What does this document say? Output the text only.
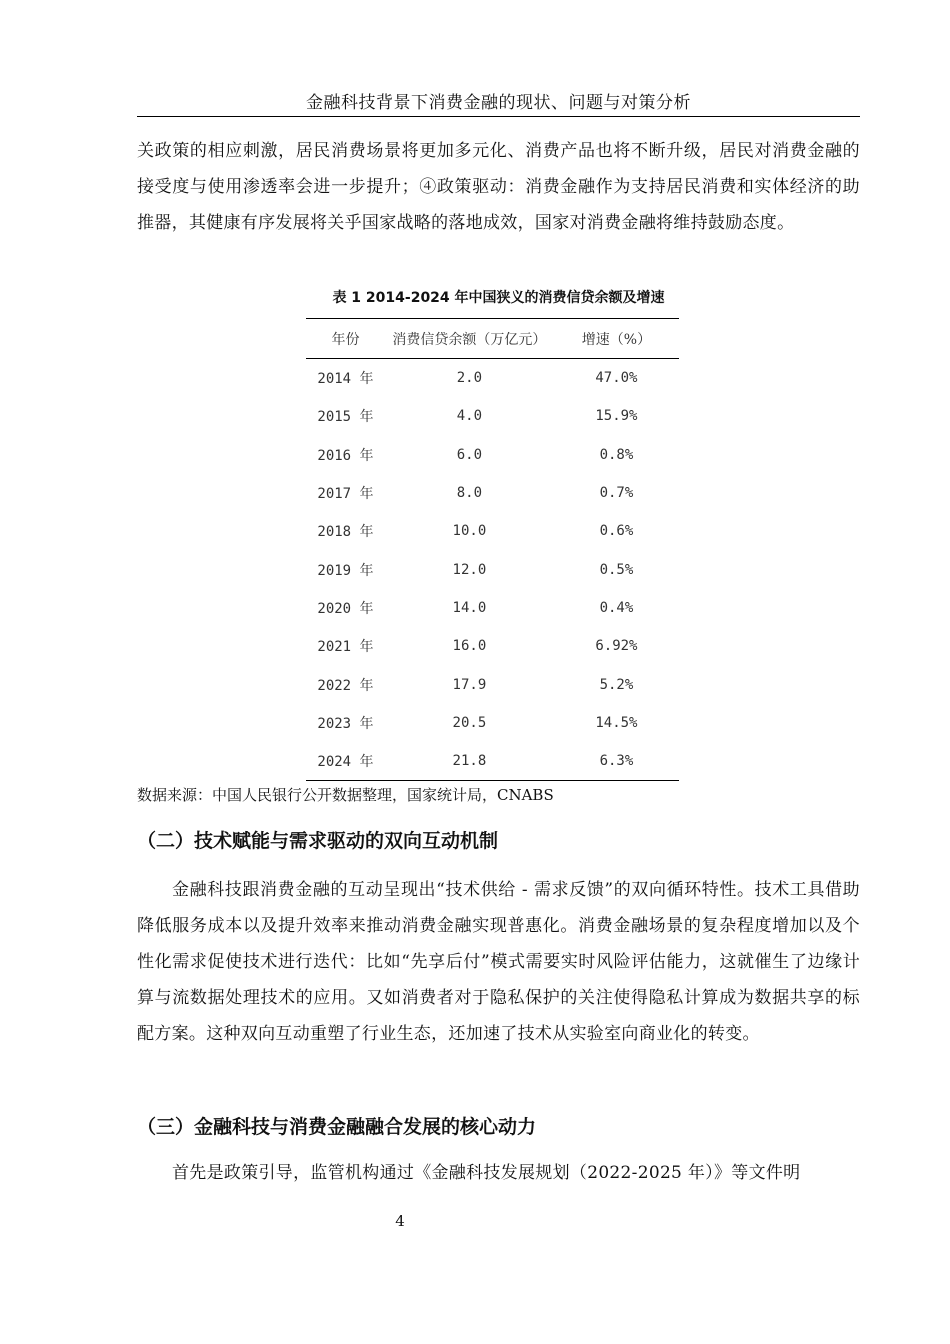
金融科技背景下消费金融的现状、问题与对策分析

关政策的相应刺激，居民消费场景将更加多元化、消费产品也将不断升级，居民对消费金融的接受度与使用渗透率会进一步提升；④政策驱动：消费金融作为支持居民消费和实体经济的助推器，其健康有序发展将关乎国家战略的落地成效，国家对消费金融将维持鼓励态度。

表 1 2014-2024 年中国狭义的消费信贷余额及增速
年份	消费信贷余额（万亿元）	增速（%）
2014 年	2.0	47.0%
2015 年	4.0	15.9%
2016 年	6.0	0.8%
2017 年	8.0	0.7%
2018 年	10.0	0.6%
2019 年	12.0	0.5%
2020 年	14.0	0.4%
2021 年	16.0	6.92%
2022 年	17.9	5.2%
2023 年	20.5	14.5%
2024 年	21.8	6.3%
数据来源：中国人民银行公开数据整理，国家统计局，CNABS
（二）技术赋能与需求驱动的双向互动机制

金融科技跟消费金融的互动呈现出“技术供给 - 需求反馈”的双向循环特性。技术工具借助降低服务成本以及提升效率来推动消费金融实现普惠化。消费金融场景的复杂程度增加以及个性化需求促使技术进行迭代：比如“先享后付”模式需要实时风险评估能力，这就催生了边缘计算与流数据处理技术的应用。又如消费者对于隐私保护的关注使得隐私计算成为数据共享的标配方案。这种双向互动重塑了行业生态，还加速了技术从实验室向商业化的转变。

（三）金融科技与消费金融融合发展的核心动力

首先是政策引导，监管机构通过《金融科技发展规划（2022-2025 年）》等文件明

4
